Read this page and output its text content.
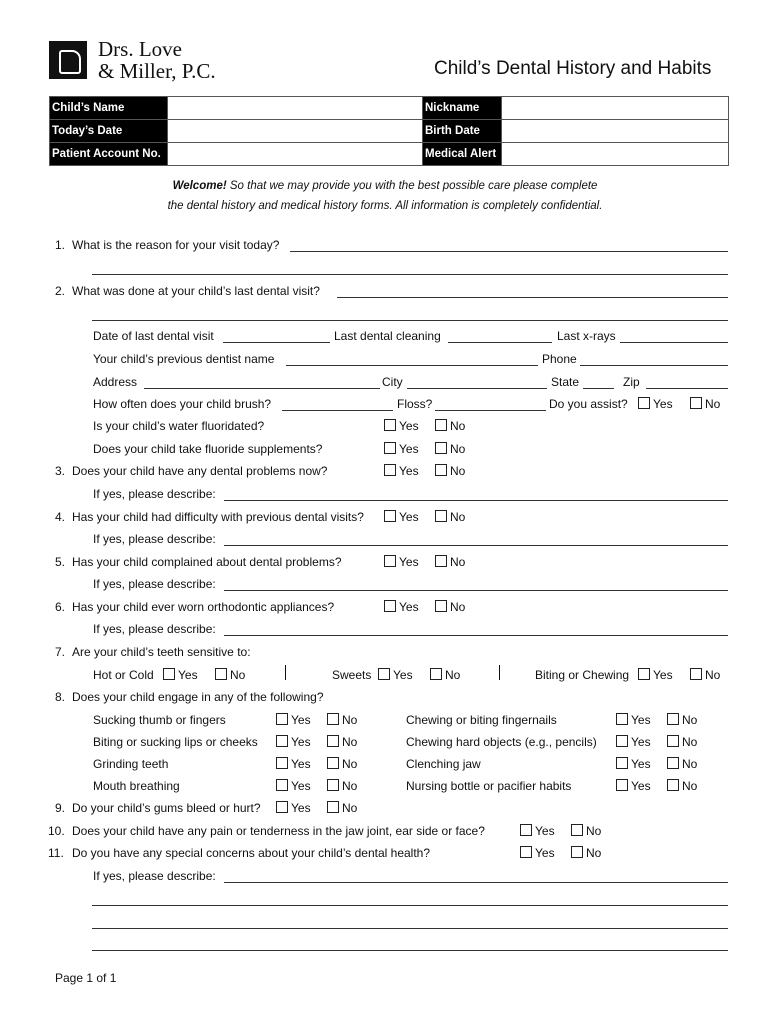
Drs. Love
& Miller, P.C.	Child’s Dental History and Habits
Child’s Name		Nickname	
Today’s Date		Birth Date	
Patient Account No.		Medical Alert	
Welcome! So that we may provide you with the best possible care please complete
the dental history and medical history forms. All information is completely confidential.
1. What is the reason for your visit today?
2. What was done at your child’s last dental visit?
Date of last dental visit	Last dental cleaning	Last x-rays
Your child’s previous dentist name	Phone
Address	City	State	Zip
How often does your child brush?	Floss?	Do you assist?	Yes	No
Is your child’s water fluoridated?	Yes	No
Does your child take fluoride supplements?	Yes	No
3. Does your child have any dental problems now?	Yes	No
If yes, please describe:
4. Has your child had difficulty with previous dental visits?	Yes	No
If yes, please describe:
5. Has your child complained about dental problems?	Yes	No
If yes, please describe:
6. Has your child ever worn orthodontic appliances?	Yes	No
If yes, please describe:
7. Are your child’s teeth sensitive to:
Hot or Cold	Yes	No	Sweets	Yes	No	Biting or Chewing	Yes	No
8. Does your child engage in any of the following?
Sucking thumb or fingers	Yes	No	Chewing or biting fingernails	Yes	No
Biting or sucking lips or cheeks	Yes	No	Chewing hard objects (e.g., pencils)	Yes	No
Grinding teeth	Yes	No	Clenching jaw	Yes	No
Mouth breathing	Yes	No	Nursing bottle or pacifier habits	Yes	No
9. Do your child’s gums bleed or hurt?	Yes	No
10. Does your child have any pain or tenderness in the jaw joint, ear side or face?	Yes	No
11. Do you have any special concerns about your child’s dental health?	Yes	No
If yes, please describe:
Page 1 of 1
